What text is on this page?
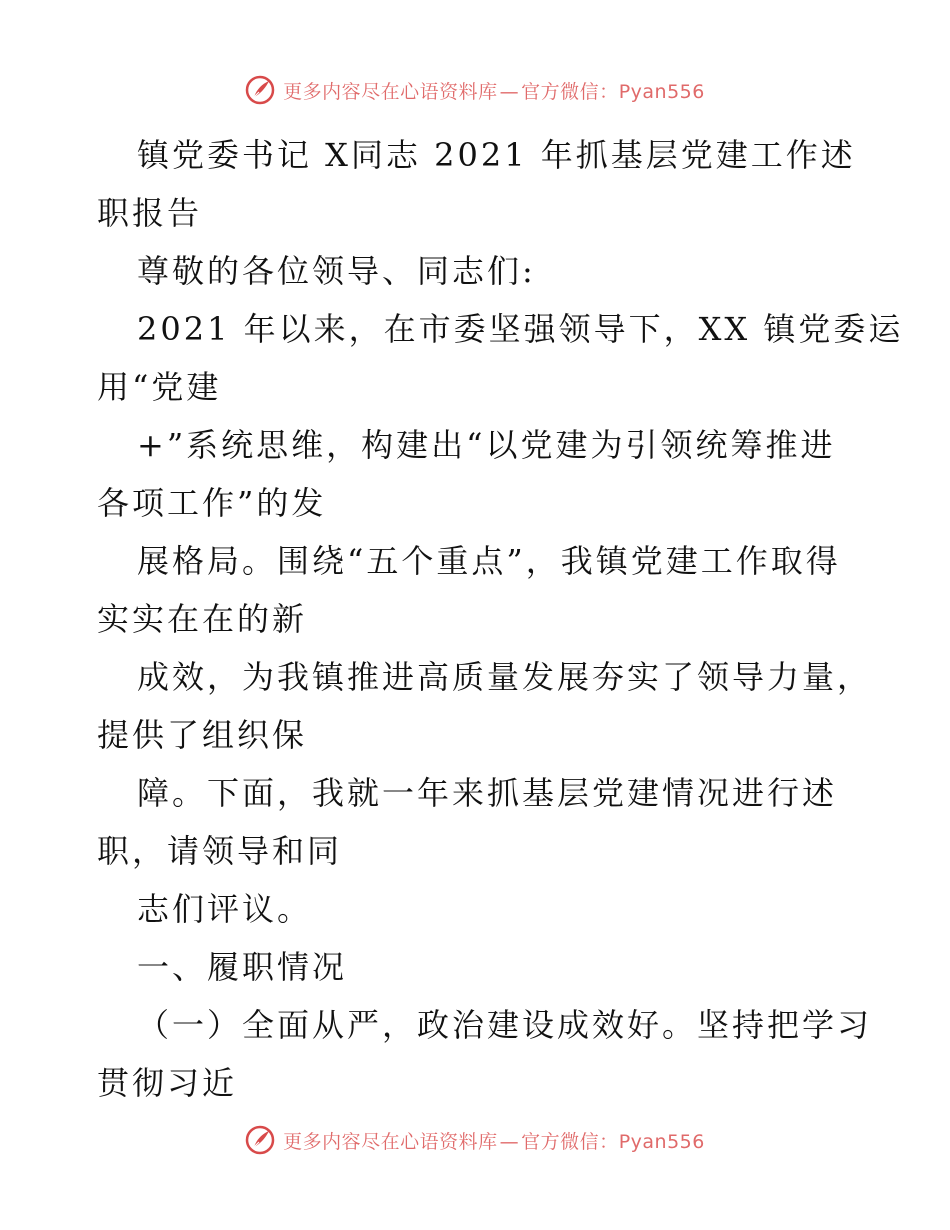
更多内容尽在心语资料库 — 官方微信：Pyan556
镇党委书记 X同志 2021 年抓基层党建工作述
职报告
尊敬的各位领导、同志们:
2021 年以来，在市委坚强领导下，XX 镇党委运
用“党建
+”系统思维，构建出“以党建为引领统筹推进
各项工作”的发
展格局。围绕“五个重点”，我镇党建工作取得
实实在在的新
成效，为我镇推进高质量发展夯实了领导力量，
提供了组织保
障。下面，我就一年来抓基层党建情况进行述
职，请领导和同
志们评议。
一、履职情况
（一）全面从严，政治建设成效好。坚持把学习
贯彻习近
更多内容尽在心语资料库 — 官方微信：Pyan556
